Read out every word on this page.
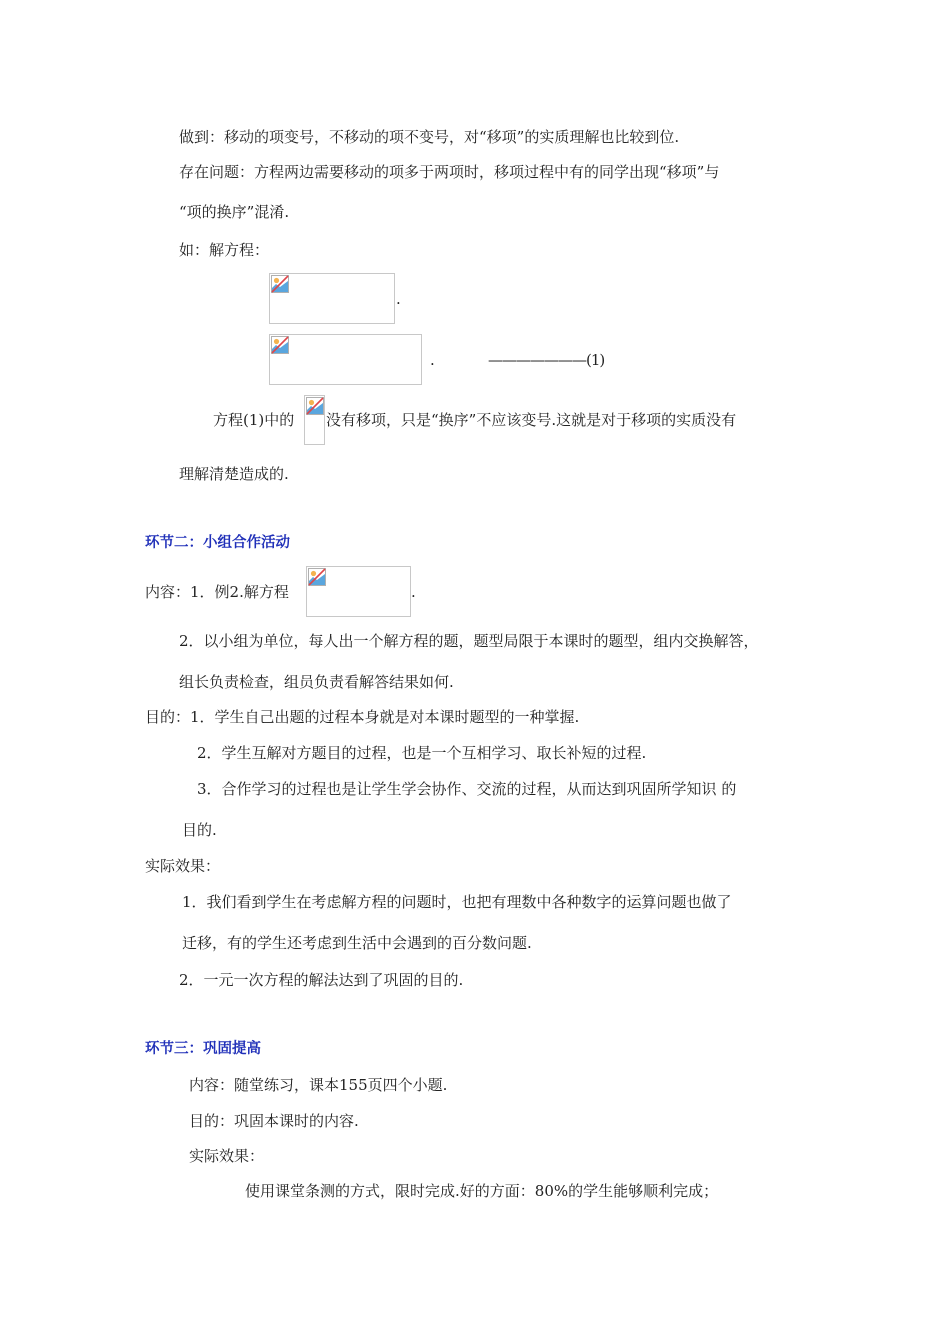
做到：移动的项变号，不移动的项不变号，对“移项”的实质理解也比较到位.
存在问题：方程两边需要移动的项多于两项时，移项过程中有的同学出现“移项”与
“项的换序”混淆.
如：解方程：
.
.	———————(1)
方程(1)中的 没有移项，只是“换序”不应该变号.这就是对于移项的实质没有
理解清楚造成的.
环节二：小组合作活动
内容：1．例2.解方程	.
2．以小组为单位，每人出一个解方程的题，题型局限于本课时的题型，组内交换解答，
组长负责检查，组员负责看解答结果如何.
目的：1．学生自己出题的过程本身就是对本课时题型的一种掌握.
2．学生互解对方题目的过程，也是一个互相学习、取长补短的过程.
3．合作学习的过程也是让学生学会协作、交流的过程，从而达到巩固所学知识 的
目的.
实际效果：
1．我们看到学生在考虑解方程的问题时，也把有理数中各种数字的运算问题也做了
迁移，有的学生还考虑到生活中会遇到的百分数问题.
2．一元一次方程的解法达到了巩固的目的.
环节三：巩固提高
内容：随堂练习，课本155页四个小题.
目的：巩固本课时的内容.
实际效果：
使用课堂条测的方式，限时完成.好的方面：80%的学生能够顺利完成；
